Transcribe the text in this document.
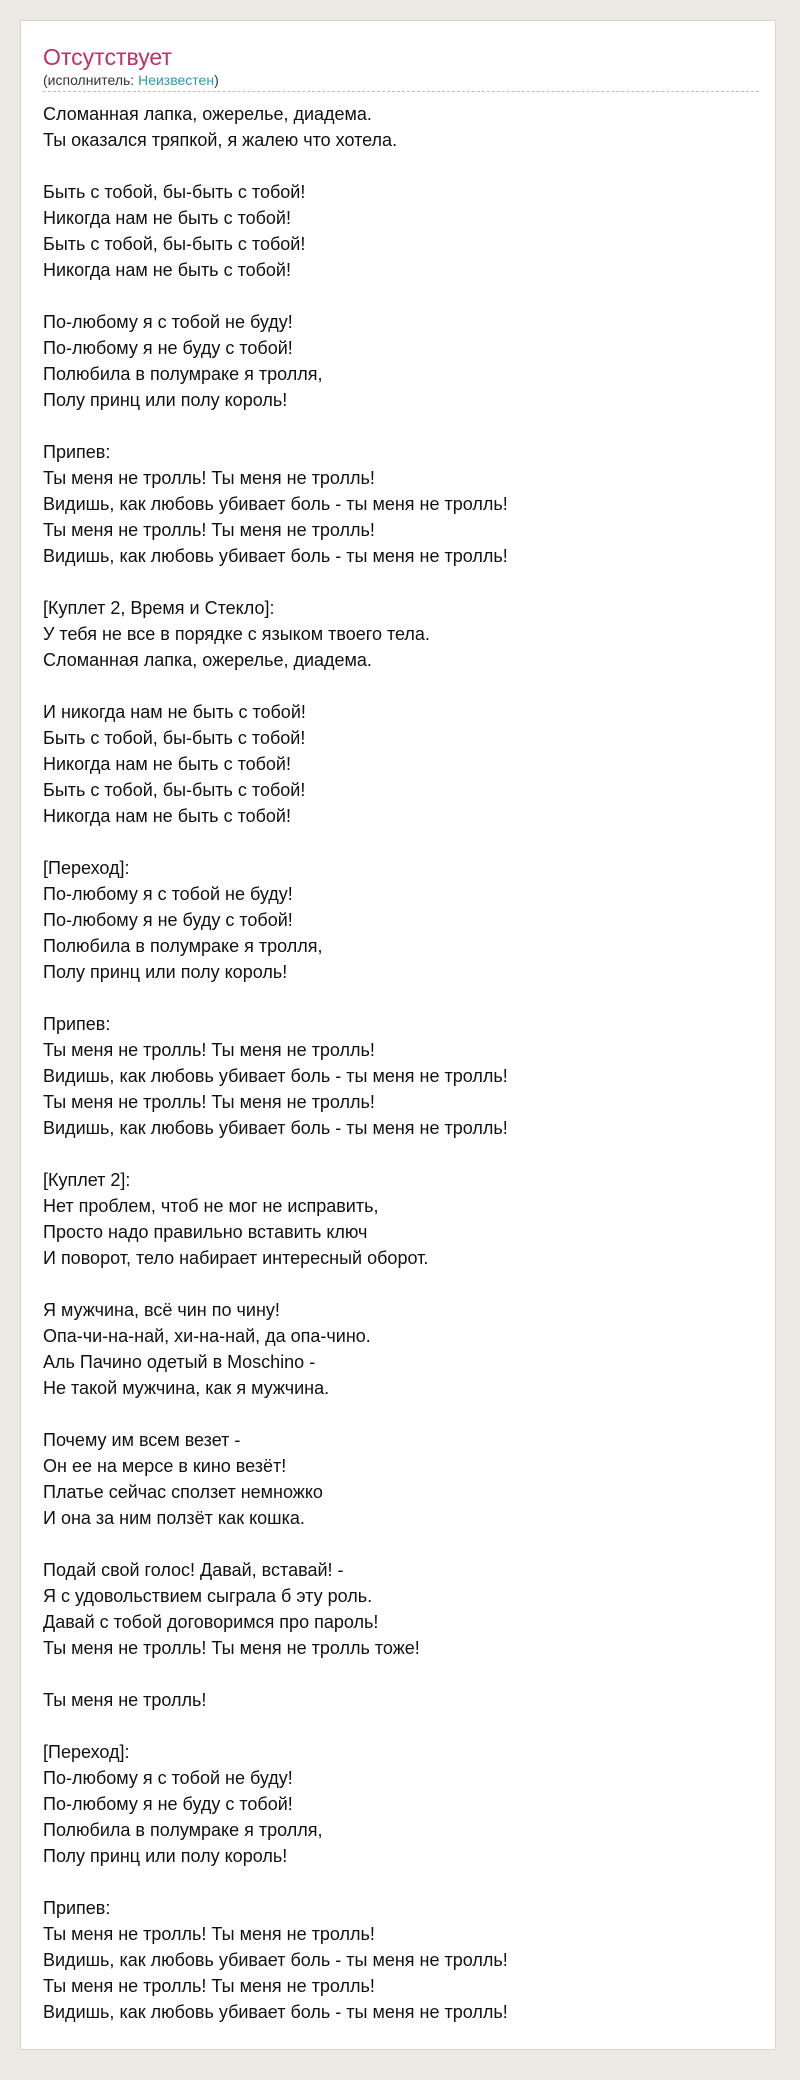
Отсутствует
(исполнитель: Неизвестен)
Сломанная лапка, ожерелье, диадема.
Ты оказался тряпкой, я жалею что хотела.
Быть с тобой, бы-быть с тобой!
Никогда нам не быть с тобой!
Быть с тобой, бы-быть с тобой!
Никогда нам не быть с тобой!
По-любому я с тобой не буду!
По-любому я не буду с тобой!
Полюбила в полумраке я тролля,
Полу принц или полу король!
Припев:
Ты меня не тролль! Ты меня не тролль!
Видишь, как любовь убивает боль - ты меня не тролль!
Ты меня не тролль! Ты меня не тролль!
Видишь, как любовь убивает боль - ты меня не тролль!
[Куплет 2, Время и Стекло]:
У тебя не все в порядке с языком твоего тела.
Сломанная лапка, ожерелье, диадема.
И никогда нам не быть с тобой!
Быть с тобой, бы-быть с тобой!
Никогда нам не быть с тобой!
Быть с тобой, бы-быть с тобой!
Никогда нам не быть с тобой!
[Переход]:
По-любому я с тобой не буду!
По-любому я не буду с тобой!
Полюбила в полумраке я тролля,
Полу принц или полу король!
Припев:
Ты меня не тролль! Ты меня не тролль!
Видишь, как любовь убивает боль - ты меня не тролль!
Ты меня не тролль! Ты меня не тролль!
Видишь, как любовь убивает боль - ты меня не тролль!
[Куплет 2]:
Нет проблем, чтоб не мог не исправить,
Просто надо правильно вставить ключ
И поворот, тело набирает интересный оборот.
Я мужчина, всё чин по чину!
Опа-чи-на-най, хи-на-най, да опа-чино.
Аль Пачино одетый в Moschino -
Не такой мужчина, как я мужчина.
Почему им всем везет -
Он ее на мерсе в кино везёт!
Платье сейчас сползет немножко
И она за ним ползёт как кошка.
Подай свой голос! Давай, вставай! -
Я с удовольствием сыграла б эту роль.
Давай с тобой договоримся про пароль!
Ты меня не тролль! Ты меня не тролль тоже!
Ты меня не тролль!
[Переход]:
По-любому я с тобой не буду!
По-любому я не буду с тобой!
Полюбила в полумраке я тролля,
Полу принц или полу король!
Припев:
Ты меня не тролль! Ты меня не тролль!
Видишь, как любовь убивает боль - ты меня не тролль!
Ты меня не тролль! Ты меня не тролль!
Видишь, как любовь убивает боль - ты меня не тролль!
